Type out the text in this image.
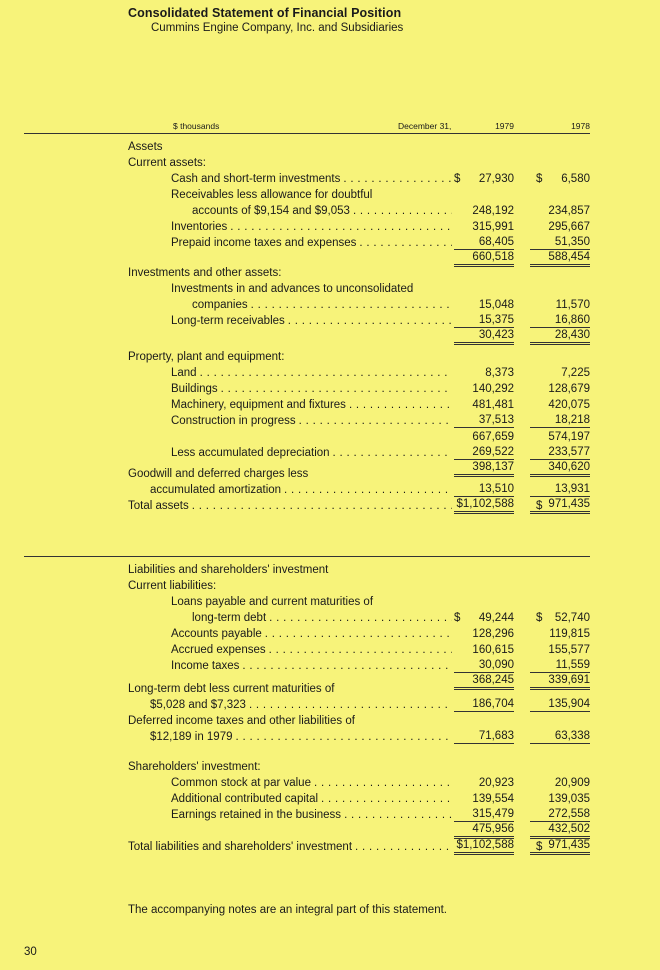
Consolidated Statement of Financial Position
Cummins Engine Company, Inc. and Subsidiaries
$ thousands	December 31,	1979	1978
Assets
Current assets:
Cash and short-term investments . . .	$	27,930 $	6,580
Receivables less allowance for doubtful
accounts of $9,154 and $9,053 . . .	248,192	234,857
Inventories . . .	315,991	295,667
Prepaid income taxes and expenses . . .	68,405	51,350
660,518	588,454
Investments and other assets:
Investments in and advances to unconsolidated
companies . . .	15,048	11,570
Long-term receivables . . .	15,375	16,860
30,423	28,430
Property, plant and equipment:
Land . . .	8,373	7,225
Buildings . . .	140,292	128,679
Machinery, equipment and fixtures . . .	481,481	420,075
Construction in progress . . .	37,513	18,218
667,659	574,197
Less accumulated depreciation . . .	269,522	233,577
398,137	340,620
Goodwill and deferred charges less
accumulated amortization . . .	13,510	13,931
Total assets . . .	$1,102,588 $ 971,435
Liabilities and shareholders' investment
Current liabilities:
Loans payable and current maturities of
long-term debt . . .	$	49,244 $	52,740
Accounts payable . . .	128,296	119,815
Accrued expenses . . .	160,615	155,577
Income taxes . . .	30,090	11,559
368,245	339,691
Long-term debt less current maturities of
$5,028 and $7,323 . . .	186,704	135,904
Deferred income taxes and other liabilities of
$12,189 in 1979 . . .	71,683	63,338
Shareholders' investment:
Common stock at par value . . .	20,923	20,909
Additional contributed capital . . .	139,554	139,035
Earnings retained in the business . . .	315,479	272,558
475,956	432,502
Total liabilities and shareholders' investment . . .	$1,102,588 $ 971,435
The accompanying notes are an integral part of this statement.
30
